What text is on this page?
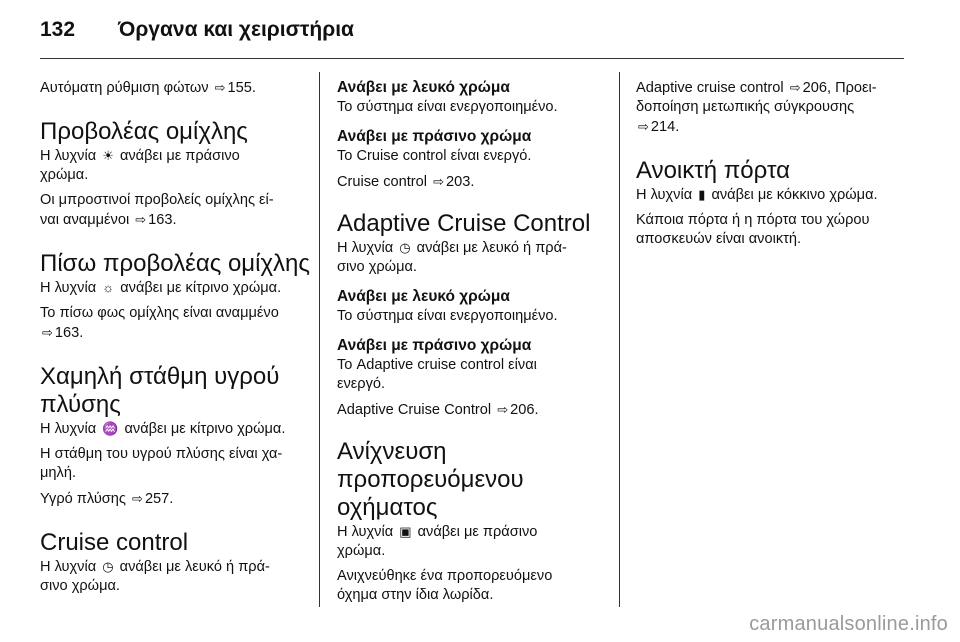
132	Όργανα και χειριστήρια

Αυτόματη ρύθμιση φώτων ⇨ 155.

Προβολέας ομίχλης

Η λυχνία ☀ ανάβει με πράσινο
χρώμα.

Οι μπροστινοί προβολείς ομίχλης εί-
ναι αναμμένοι ⇨ 163.

Πίσω προβολέας ομίχλης

Η λυχνία ☼ ανάβει με κίτρινο χρώμα.

Το πίσω φως ομίχλης είναι αναμμένο
⇨ 163.

Χαμηλή στάθμη υγρού
πλύσης

Η λυχνία ♒ ανάβει με κίτρινο χρώμα.

Η στάθμη του υγρού πλύσης είναι χα-
μηλή.

Υγρό πλύσης ⇨ 257.

Cruise control

Η λυχνία ◷ ανάβει με λευκό ή πρά-
σινο χρώμα.

Ανάβει με λευκό χρώμα

Το σύστημα είναι ενεργοποιημένο.

Ανάβει με πράσινο χρώμα

Το Cruise control είναι ενεργό.

Cruise control ⇨ 203.

Adaptive Cruise Control

Η λυχνία ◷ ανάβει με λευκό ή πρά-
σινο χρώμα.

Ανάβει με λευκό χρώμα

Το σύστημα είναι ενεργοποιημένο.

Ανάβει με πράσινο χρώμα

Το Adaptive cruise control είναι
ενεργό.

Adaptive Cruise Control ⇨ 206.

Ανίχνευση
προπορευόμενου
οχήματος

Η λυχνία ▣ ανάβει με πράσινο
χρώμα.

Ανιχνεύθηκε ένα προπορευόμενο
όχημα στην ίδια λωρίδα.

Adaptive cruise control ⇨ 206, Προει-
δοποίηση μετωπικής σύγκρουσης
⇨ 214.

Ανοικτή πόρτα

Η λυχνία ▮ ανάβει με κόκκινο χρώμα.

Κάποια πόρτα ή η πόρτα του χώρου
αποσκευών είναι ανοικτή.

carmanualsonline.info
